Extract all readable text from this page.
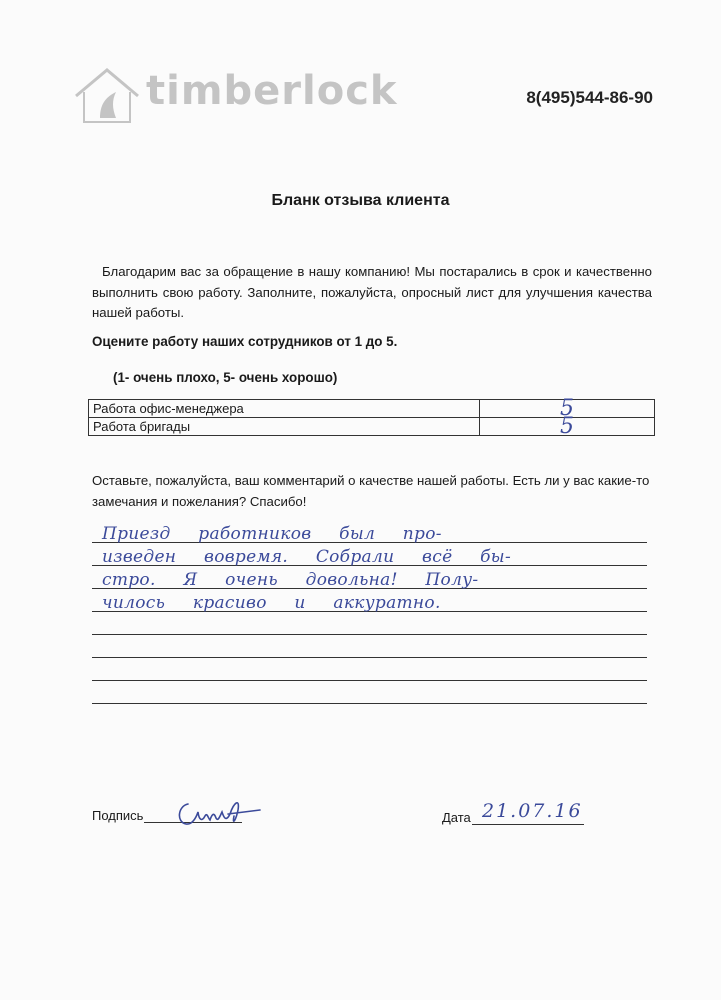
timberlock	8(495)544-86-90
Бланк отзыва клиента
Благодарим вас за обращение в нашу компанию! Мы постарались в срок и качественно выполнить свою работу. Заполните, пожалуйста, опросный лист для улучшения качества нашей работы.
Оцените работу наших сотрудников от 1 до 5.
(1- очень плохо, 5- очень хорошо)
Работа офис-менеджера	5
Работа бригады	5
Оставьте, пожалуйста, ваш комментарий о качестве нашей работы. Есть ли у вас какие-то замечания и пожелания? Спасибо!
Приезд работников был про-
изведен вовремя. Собрали всё бы-
стро. Я очень довольна! Полу-
чилось красиво и аккуратно.
Подпись	Дата 21.07.16
